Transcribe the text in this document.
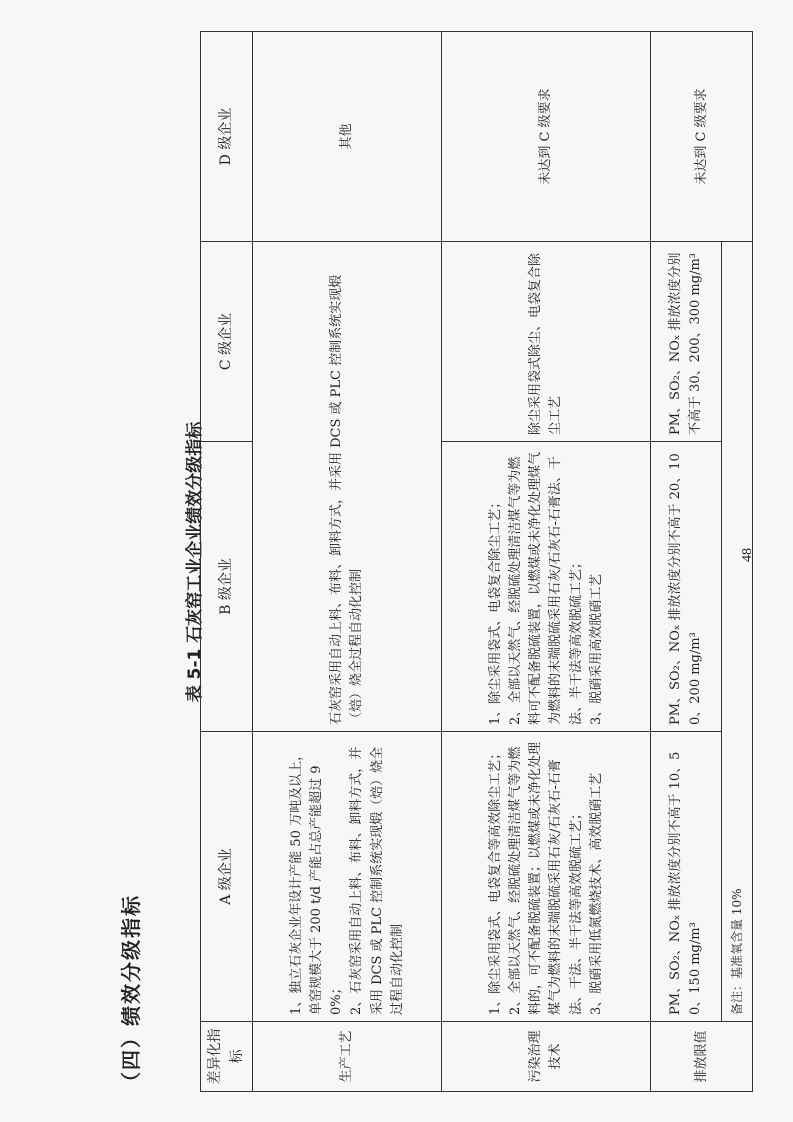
（四）绩效分级指标
表 5-1 石灰窑工业企业绩效分级指标
差异化指标	A 级企业	B 级企业	C 级企业	D 级企业
生产工艺	1、独立石灰企业年设计产能 50 万吨及以上，单窑规模大于 200 t/d 产能占总产能超过 90%； 2、石灰窑采用自动上料、布料、卸料方式，并采用 DCS 或 PLC 控制系统实现煅（焙）烧全过程自动化控制	石灰窑采用自动上料、布料、卸料方式，并采用 DCS 或 PLC 控制系统实现煅（焙）烧全过程自动化控制		其他
污染治理技术	1、除尘采用袋式、电袋复合等高效除尘工艺； 2、全部以天然气、经脱硫处理清洁煤气等为燃料的，可不配备脱硫装置；以燃煤或未净化处理煤气为燃料的末端脱硫采用石灰/石灰石-石膏法、干法、半干法等高效脱硫工艺； 3、脱硝采用低氮燃烧技术、高效脱硝工艺	1、除尘采用袋式、电袋复合除尘工艺； 2、全部以天然气、经脱硫处理清洁煤气等为燃料可不配备脱硫装置，以燃煤或未净化处理煤气为燃料的末端脱硫采用石灰/石灰石-石膏法、干法、半干法等高效脱硫工艺； 3、脱硝采用高效脱硝工艺	除尘采用袋式除尘、电袋复合除尘工艺	未达到 C 级要求
排放限值	PM、SO₂、NOₓ 排放浓度分别不高于 10、50、150 mg/m³	PM、SO₂、NOₓ 排放浓度分别不高于 20、100、200 mg/m³	PM、SO₂、NOₓ 排放浓度分别不高于 30、200、300 mg/m³	未达到 C 级要求
	备注：基准氧含量 10%			
48
